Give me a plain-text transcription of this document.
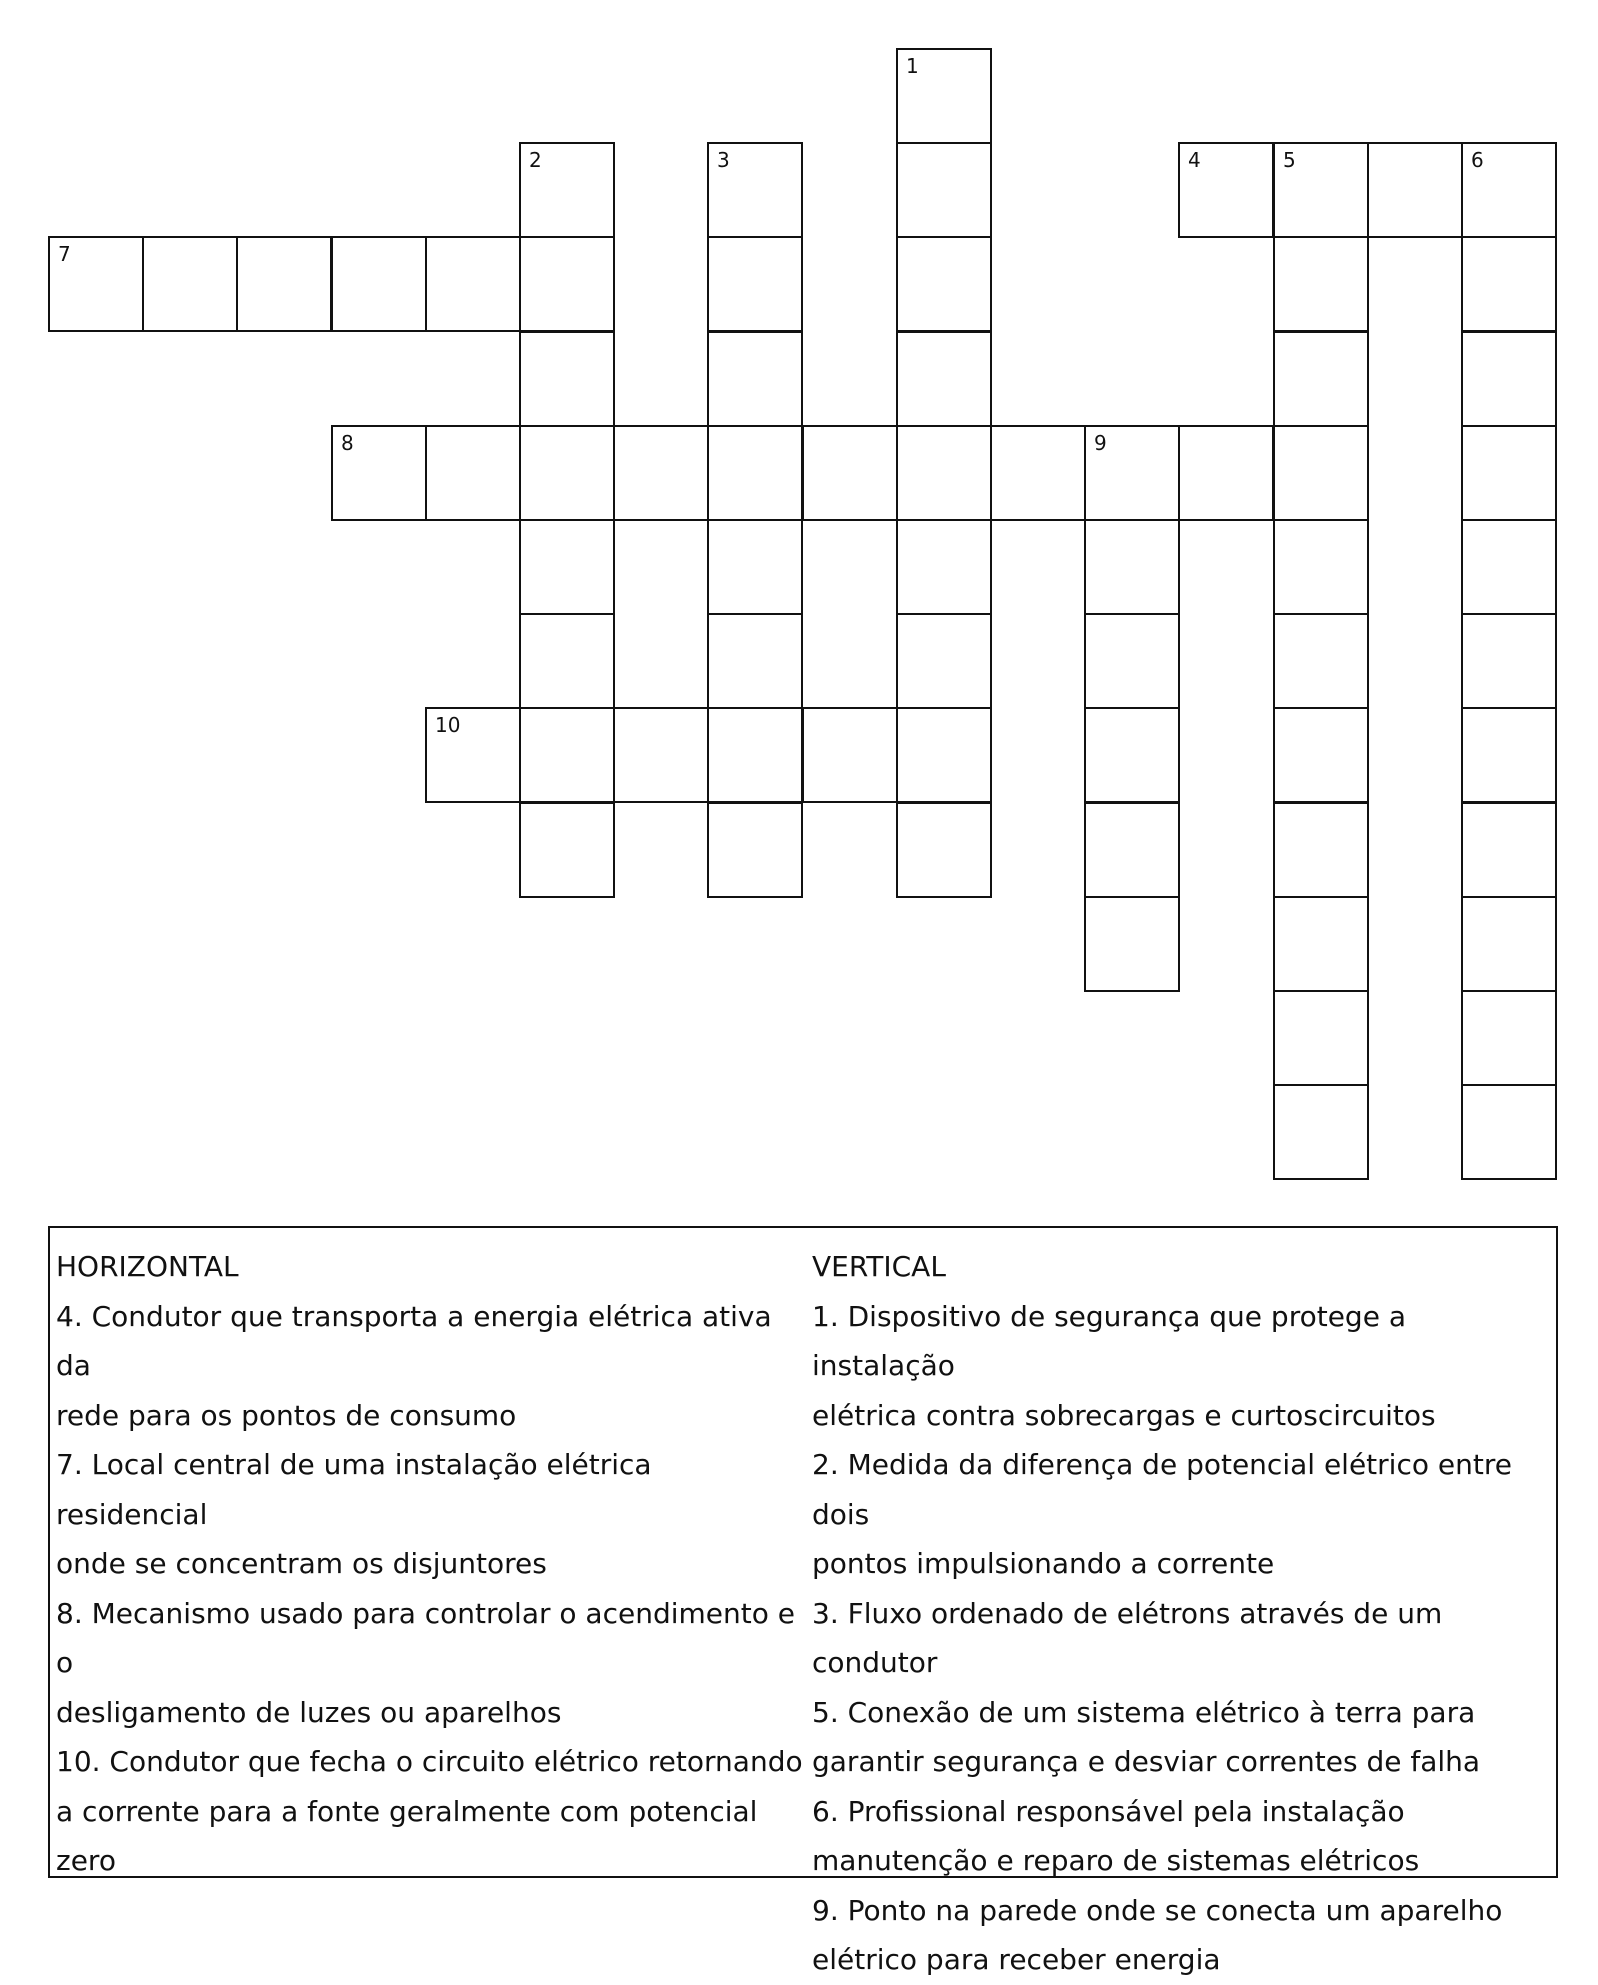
1
2	3	4	5	6
7
8	9
10
HORIZONTAL
4. Condutor que transporta a energia elétrica ativa da
rede para os pontos de consumo
7. Local central de uma instalação elétrica residencial
onde se concentram os disjuntores
8. Mecanismo usado para controlar o acendimento e o
desligamento de luzes ou aparelhos
10. Condutor que fecha o circuito elétrico retornando
a corrente para a fonte geralmente com potencial zero
VERTICAL
1. Dispositivo de segurança que protege a instalação
elétrica contra sobrecargas e curtoscircuitos
2. Medida da diferença de potencial elétrico entre dois
pontos impulsionando a corrente
3. Fluxo ordenado de elétrons através de um condutor
5. Conexão de um sistema elétrico à terra para
garantir segurança e desviar correntes de falha
6. Profissional responsável pela instalação
manutenção e reparo de sistemas elétricos
9. Ponto na parede onde se conecta um aparelho
elétrico para receber energia
